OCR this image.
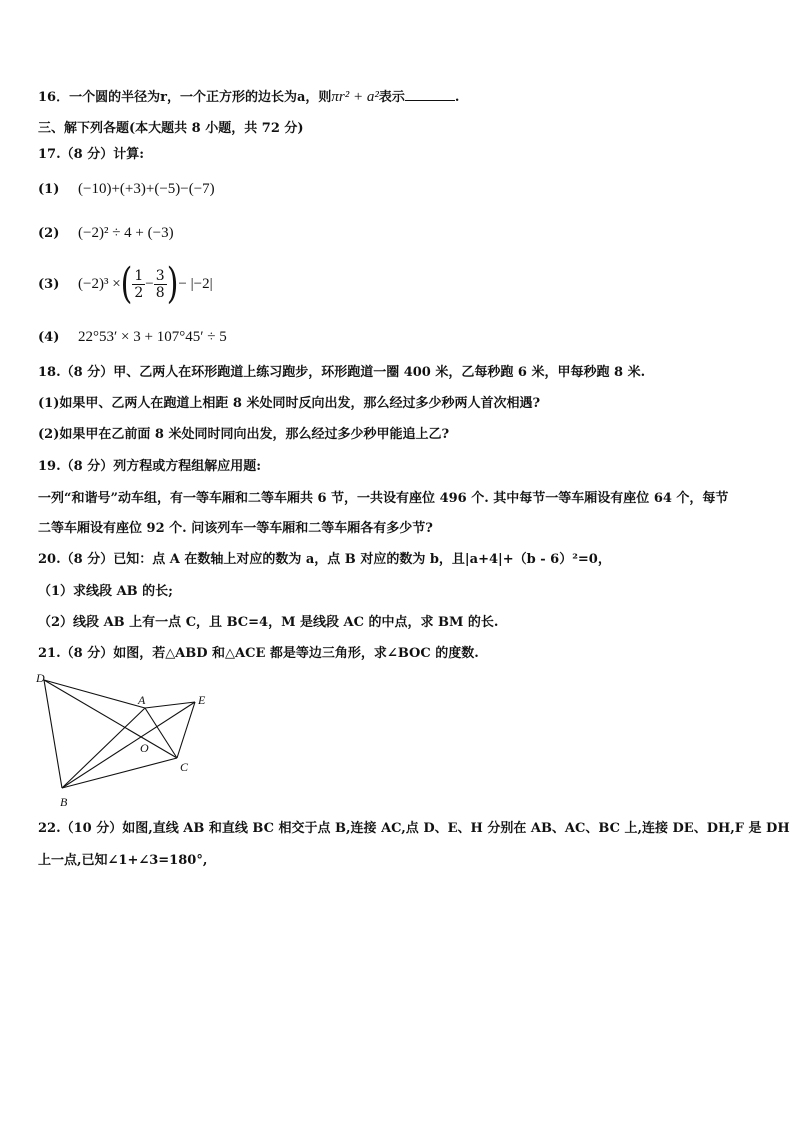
16．一个圆的半径为r，一个正方形的边长为a，则πr² + a²表示	.
三、解下列各题(本大题共 8 小题，共 72 分)
17.（8 分）计算:
(1) (−10)+(+3)+(−5)−(−7)
(2) (−2)² ÷ 4 + (−3)
(3) (−2)³ ×( $\frac{1}{2} - \frac{3}{8}$ )− |−2|
(4) 22°53′ × 3 + 107°45′ ÷ 5
18.（8 分）甲、乙两人在环形跑道上练习跑步，环形跑道一圈 400 米，乙每秒跑 6 米，甲每秒跑 8 米.
(1)如果甲、乙两人在跑道上相距 8 米处同时反向出发，那么经过多少秒两人首次相遇?
(2)如果甲在乙前面 8 米处同时同向出发，那么经过多少秒甲能追上乙?
19.（8 分）列方程或方程组解应用题:
一列“和谐号”动车组，有一等车厢和二等车厢共 6 节，一共设有座位 496 个. 其中每节一等车厢设有座位 64 个，每节
二等车厢设有座位 92 个. 问该列车一等车厢和二等车厢各有多少节?
20.（8 分）已知：点 A 在数轴上对应的数为 a，点 B 对应的数为 b，且|a+4|+（b - 6）²=0，
（1）求线段 AB 的长;
（2）线段 AB 上有一点 C，且 BC=4，M 是线段 AC 的中点，求 BM 的长.
21.（8 分）如图，若△ABD 和△ACE 都是等边三角形，求∠BOC 的度数.
D
A	E
O
C
B
22.（10 分）如图,直线 AB 和直线 BC 相交于点 B,连接 AC,点 D、E、H 分别在 AB、AC、BC 上,连接 DE、DH,F 是 DH
上一点,已知∠1+∠3=180°,
